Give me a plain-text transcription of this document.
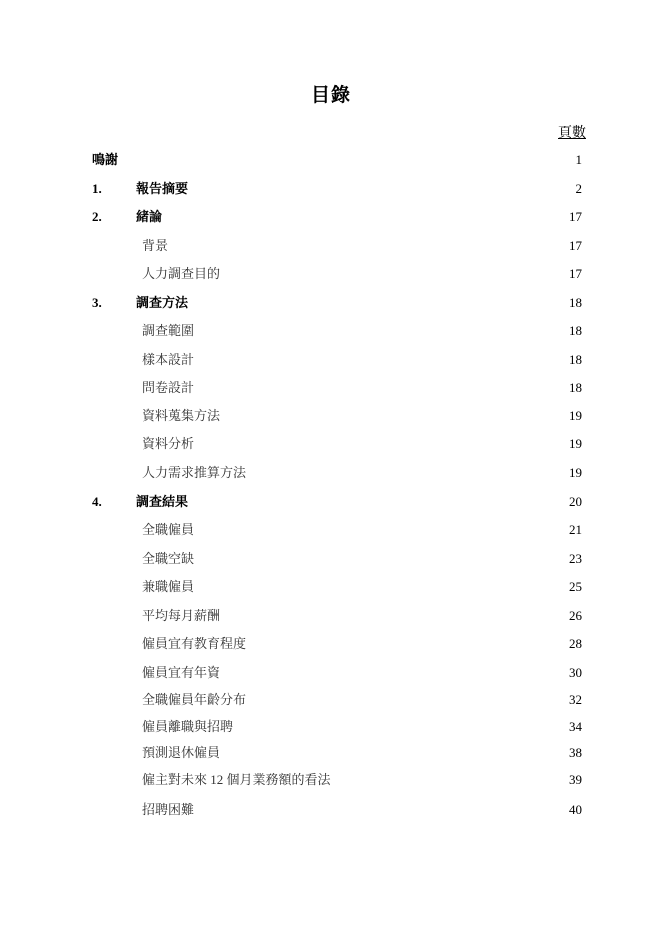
目錄
頁數
鳴謝	1
1.	報告摘要	2
2.	緒論	17
背景	17
人力調查目的	17
3.	調查方法	18
調查範圍	18
樣本設計	18
問卷設計	18
資料蒐集方法	19
資料分析	19
人力需求推算方法	19
4.	調查結果	20
全職僱員	21
全職空缺	23
兼職僱員	25
平均每月薪酬	26
僱員宜有教育程度	28
僱員宜有年資	30
全職僱員年齡分布	32
僱員離職與招聘	34
預測退休僱員	38
僱主對未來 12 個月業務額的看法	39
招聘困難	40
